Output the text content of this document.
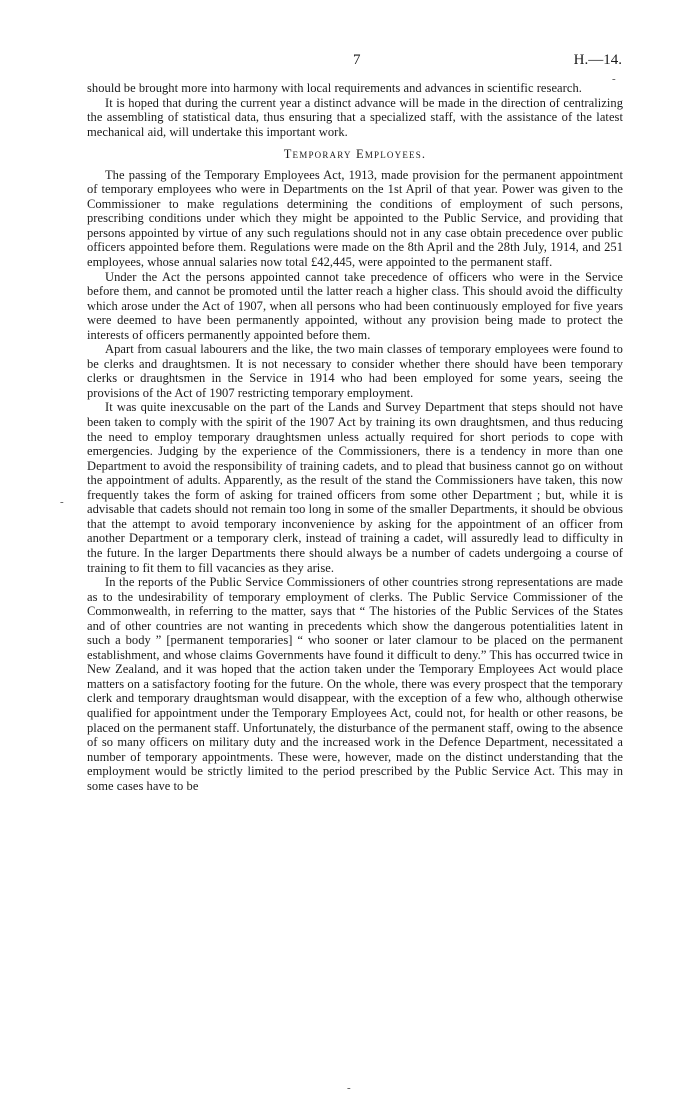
7	H.—14.
-
-
-

should be brought more into harmony with local requirements and advances in scientific research.

It is hoped that during the current year a distinct advance will be made in the direction of centralizing the assembling of statistical data, thus ensuring that a specialized staff, with the assistance of the latest mechanical aid, will undertake this important work.

Temporary Employees.

The passing of the Temporary Employees Act, 1913, made provision for the permanent appointment of temporary employees who were in Departments on the 1st April of that year. Power was given to the Commissioner to make regulations determining the conditions of employment of such persons, prescribing conditions under which they might be appointed to the Public Service, and providing that persons appointed by virtue of any such regulations should not in any case obtain precedence over public officers appointed before them. Regulations were made on the 8th April and the 28th July, 1914, and 251 employees, whose annual salaries now total £42,445, were appointed to the permanent staff.

Under the Act the persons appointed cannot take precedence of officers who were in the Service before them, and cannot be promoted until the latter reach a higher class. This should avoid the difficulty which arose under the Act of 1907, when all persons who had been continuously employed for five years were deemed to have been permanently appointed, without any provision being made to protect the interests of officers permanently appointed before them.

Apart from casual labourers and the like, the two main classes of temporary employees were found to be clerks and draughtsmen. It is not necessary to consider whether there should have been temporary clerks or draughtsmen in the Service in 1914 who had been employed for some years, seeing the provisions of the Act of 1907 restricting temporary employment.

It was quite inexcusable on the part of the Lands and Survey Department that steps should not have been taken to comply with the spirit of the 1907 Act by training its own draughtsmen, and thus reducing the need to employ temporary draughtsmen unless actually required for short periods to cope with emergencies. Judging by the experience of the Commissioners, there is a tendency in more than one Department to avoid the responsibility of training cadets, and to plead that business cannot go on without the appointment of adults. Apparently, as the result of the stand the Commissioners have taken, this now frequently takes the form of asking for trained officers from some other Department ; but, while it is advisable that cadets should not remain too long in some of the smaller Departments, it should be obvious that the attempt to avoid temporary inconvenience by asking for the appointment of an officer from another Department or a temporary clerk, instead of training a cadet, will assuredly lead to difficulty in the future. In the larger Departments there should always be a number of cadets undergoing a course of training to fit them to fill vacancies as they arise.

In the reports of the Public Service Commissioners of other countries strong representations are made as to the undesirability of temporary employment of clerks. The Public Service Commissioner of the Commonwealth, in referring to the matter, says that “ The histories of the Public Services of the States and of other countries are not wanting in precedents which show the dangerous potentialities latent in such a body ” [permanent temporaries] “ who sooner or later clamour to be placed on the permanent establishment, and whose claims Governments have found it difficult to deny.” This has occurred twice in New Zealand, and it was hoped that the action taken under the Temporary Employees Act would place matters on a satisfactory footing for the future. On the whole, there was every prospect that the temporary clerk and temporary draughtsman would disappear, with the exception of a few who, although otherwise qualified for appointment under the Temporary Employees Act, could not, for health or other reasons, be placed on the permanent staff. Unfortunately, the disturbance of the permanent staff, owing to the absence of so many officers on military duty and the increased work in the Defence Department, necessitated a number of temporary appointments. These were, however, made on the distinct understanding that the employment would be strictly limited to the period prescribed by the Public Service Act. This may in some cases have to be
